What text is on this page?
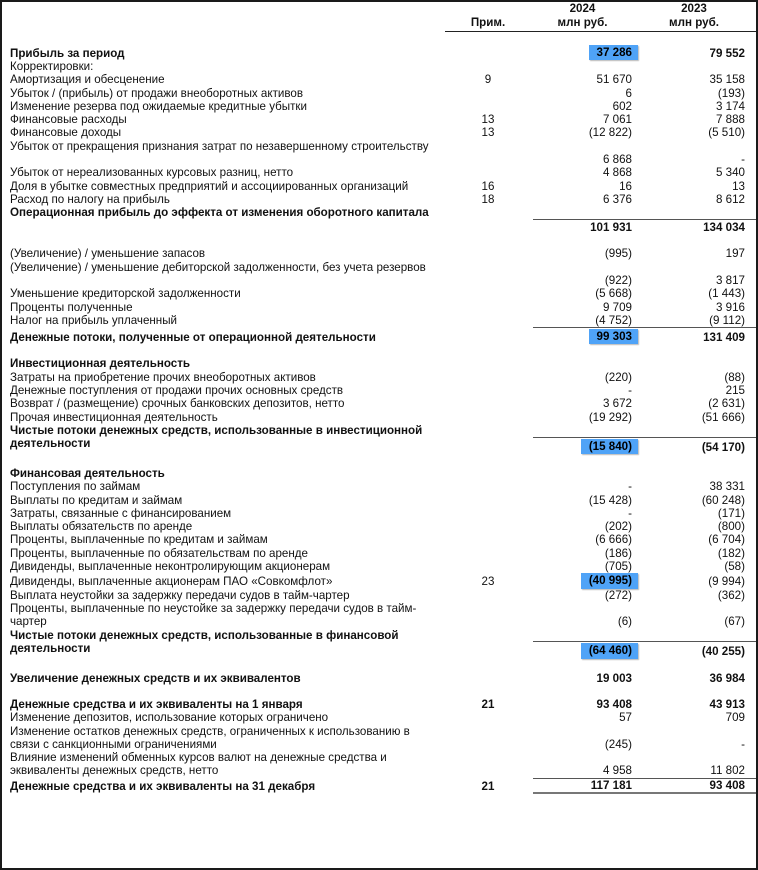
		2024	2023
	Прим.	млн руб.	млн руб.

Прибыль за период		37 286	79 552
Корректировки:			
Амортизация и обесценение	9	51 670	35 158
Убыток / (прибыль) от продажи внеоборотных активов		6	(193)
Изменение резерва под ожидаемые кредитные убытки		602	3 174
Финансовые расходы	13	7 061	7 888
Финансовые доходы	13	(12 822)	(5 510)
Убыток от прекращения признания затрат по незавершенному строительству			
		6 868	-
Убыток от нереализованных курсовых разниц, нетто		4 868	5 340
Доля в убытке совместных предприятий и ассоциированных организаций	16	16	13
Расход по налогу на прибыль	18	6 376	8 612
Операционная прибыль до эффекта от изменения оборотного капитала			
		101 931	134 034

(Увеличение) / уменьшение запасов		(995)	197
(Увеличение) / уменьшение дебиторской задолженности, без учета резервов			
		(922)	3 817
Уменьшение кредиторской задолженности		(5 668)	(1 443)
Проценты полученные		9 709	3 916
Налог на прибыль уплаченный		(4 752)	(9 112)
Денежные потоки, полученные от операционной деятельности		99 303	131 409

Инвестиционная деятельность			
Затраты на приобретение прочих внеоборотных активов		(220)	(88)
Денежные поступления от продажи прочих основных средств		-	215
Возврат / (размещение) срочных банковских депозитов, нетто		3 672	(2 631)
Прочая инвестиционная деятельность		(19 292)	(51 666)
Чистые потоки денежных средств, использованные в инвестиционной деятельности			
		(15 840)	(54 170)

Финансовая деятельность			
Поступления по займам		-	38 331
Выплаты по кредитам и займам		(15 428)	(60 248)
Затраты, связанные с финансированием		-	(171)
Выплаты обязательств по аренде		(202)	(800)
Проценты, выплаченные по кредитам и займам		(6 666)	(6 704)
Проценты, выплаченные по обязательствам по аренде		(186)	(182)
Дивиденды, выплаченные неконтролирующим акционерам		(705)	(58)
Дивиденды, выплаченные акционерам ПАО «Совкомфлот»	23	(40 995)	(9 994)
Выплата неустойки за задержку передачи судов в тайм-чартер		(272)	(362)
Проценты, выплаченные по неустойке за задержку передачи судов в тайм-чартер			
		(6)	(67)
Чистые потоки денежных средств, использованные в финансовой деятельности			
		(64 460)	(40 255)

Увеличение денежных средств и их эквивалентов		19 003	36 984

Денежные средства и их эквиваленты на 1 января	21	93 408	43 913
Изменение депозитов, использование которых ограничено		57	709
Изменение остатков денежных средств, ограниченных к использованию в связи с санкционными ограничениями			
		(245)	-
Влияние изменений обменных курсов валют на денежные средства и эквиваленты денежных средств, нетто			
		4 958	11 802
Денежные средства и их эквиваленты на 31 декабря	21	117 181	93 408
